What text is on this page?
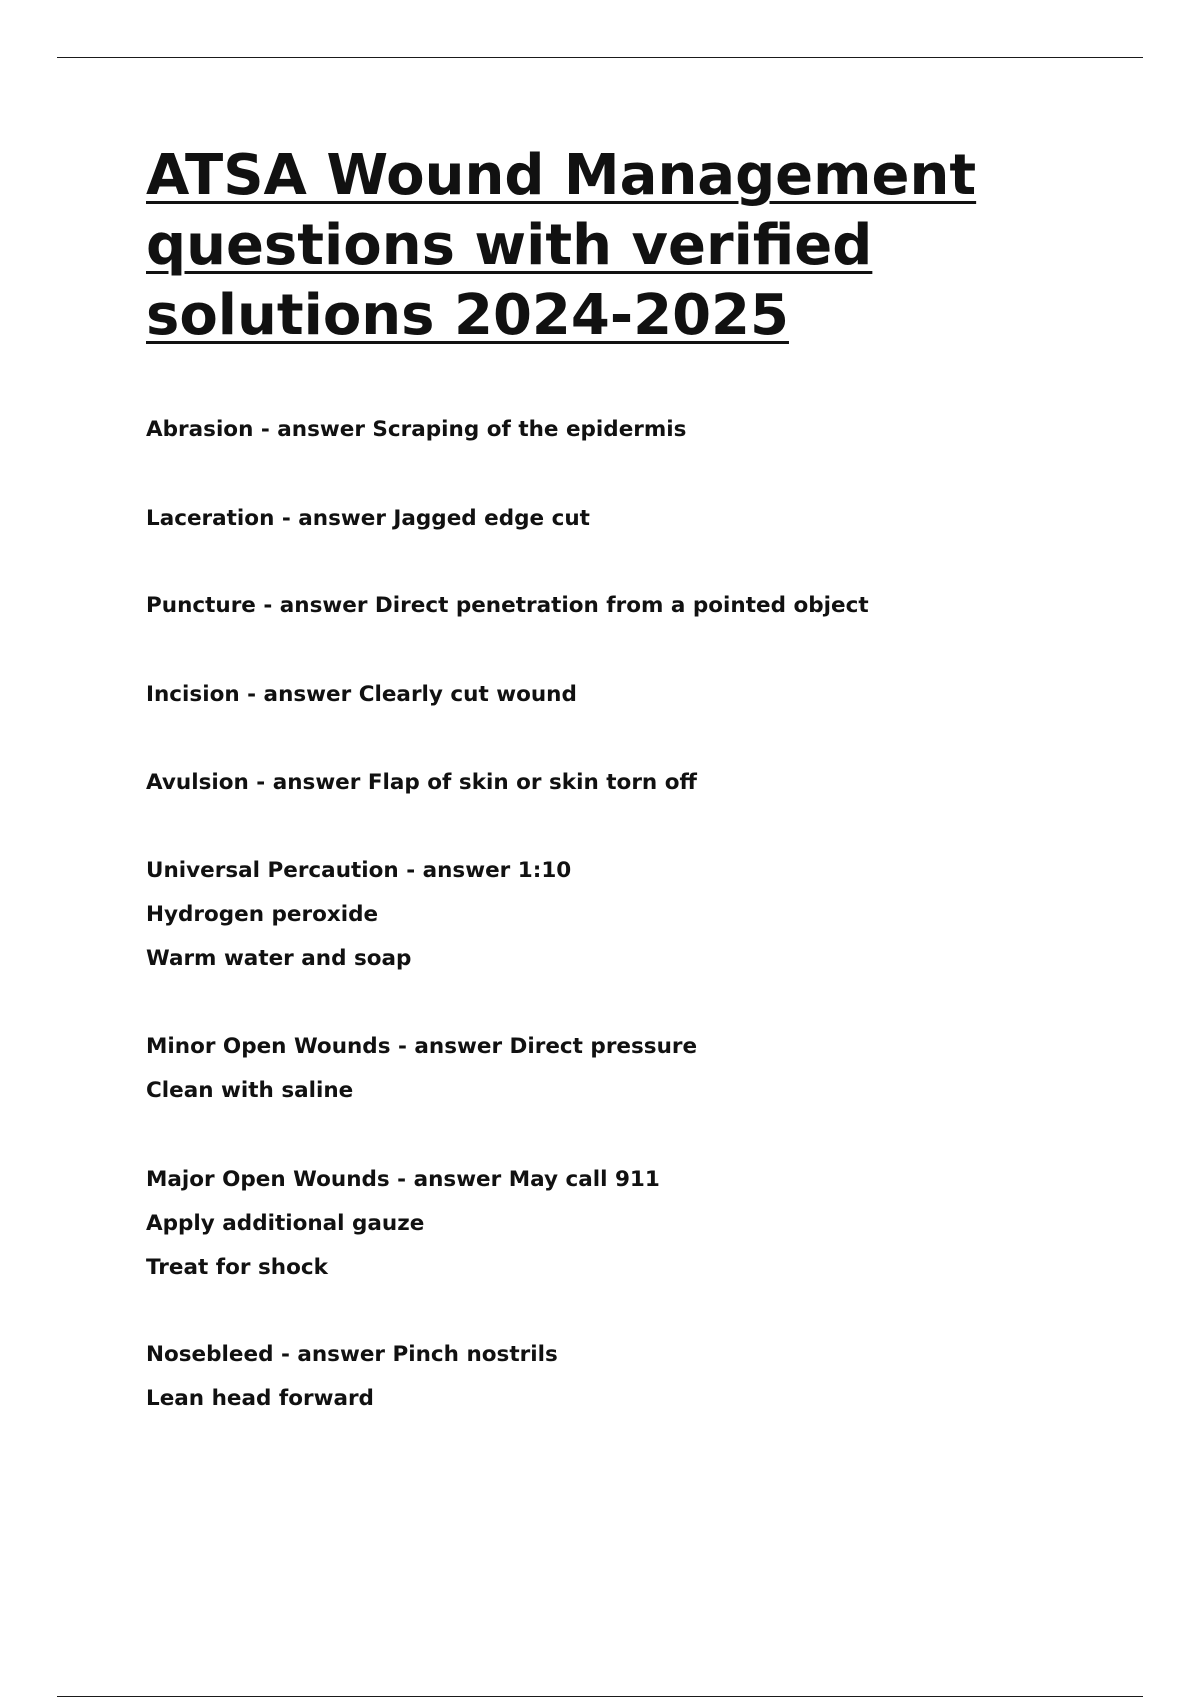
ATSA Wound Management
questions with verified
solutions 2024-2025
Abrasion - answer Scraping of the epidermis
Laceration - answer Jagged edge cut
Puncture - answer Direct penetration from a pointed object
Incision - answer Clearly cut wound
Avulsion - answer Flap of skin or skin torn off
Universal Percaution - answer 1:10
Hydrogen peroxide
Warm water and soap
Minor Open Wounds - answer Direct pressure
Clean with saline
Major Open Wounds - answer May call 911
Apply additional gauze
Treat for shock
Nosebleed - answer Pinch nostrils
Lean head forward
